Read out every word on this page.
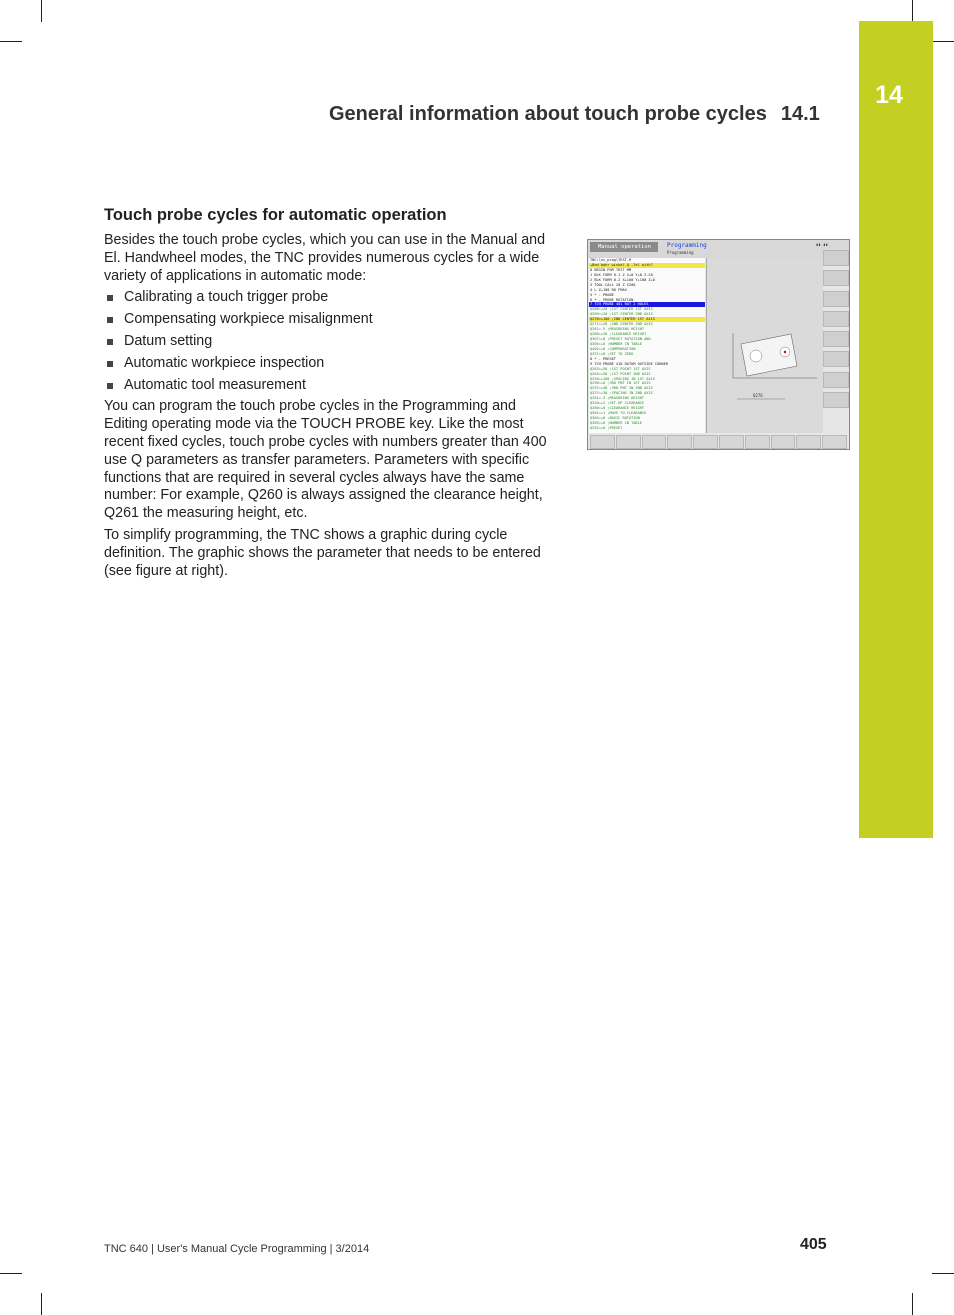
14
General information about touch probe cycles 14.1
Touch probe cycles for automatic operation

Besides the touch probe cycles, which you can use in the Manual and El. Handwheel modes, the TNC provides numerous cycles for a wide variety of applications in automatic mode:

Calibrating a touch trigger probe
Compensating workpiece misalignment
Datum setting
Automatic workpiece inspection
Automatic tool measurement

You can program the touch probe cycles in the Programming and Editing operating mode via the TOUCH PROBE key. Like the most recent fixed cycles, touch probe cycles with numbers greater than 400 use Q parameters as transfer parameters. Parameters with specific functions that are required in several cycles always have the same number: For example, Q260 is always assigned the clearance height, Q261 the measuring height, etc.

To simplify programming, the TNC shows a graphic during cycle definition. The graphic shows the parameter that needs to be entered (see figure at right).

Manual operation	Programming
Programming
TNC:\nc_prog\TEST.H
→Bed bohr winkel Q..?el with?
0 BEGIN PGM TEST MM
1 BLK FORM 0.1 Z X+0 Y+0 Z-20
2 BLK FORM 0.2 X+100 Y+100 Z+0
3 TOOL CALL 20 Z S200
4 L Z+100 R0 FMAX
5 * - PROBE
6 * - PROBE ROTATION
7 TCH PROBE 401 ROT 2 HOLES
Q268=+20 ;1ST CENTER 1ST AXIS
Q269=+20 ;1ST CENTER 2ND AXIS
Q270=+100 ;2ND CENTER 1ST AXIS
Q271=+20 ;2ND CENTER 2ND AXIS
Q261=-5 ;MEASURING HEIGHT
Q260=+20 ;CLEARANCE HEIGHT
Q307=+0 ;PRESET ROTATION ANG.
Q305=+0 ;NUMBER IN TABLE
Q402=+0 ;COMPENSATION
Q337=+0 ;SET TO ZERO
8 * - PRESET
9 TCH PROBE 410 DATUM OUTSIDE CORNER
Q263=+50 ;1ST POINT 1ST AXIS
Q264=+50 ;1ST POINT 2ND AXIS
Q326=+100 ;SPACING IN 1ST AXIS
Q296=+0 ;3RD PNT IN 1ST AXIS
Q297=+40 ;3RD PNT IN 2ND AXIS
Q327=+30 ;SPACING IN 2ND AXIS
Q261=-3 ;MEASURING HEIGHT
Q320=+2 ;SET-UP CLEARANCE
Q260=+0 ;CLEARANCE HEIGHT
Q301=+1 ;MOVE TO CLEARANCE
Q304=+0 ;BASIC ROTATION
Q305=+0 ;NUMBER IN TABLE
Q331=+0 ;PRESET
Q276
▮▮ ▮▮
TNC 640 | User's Manual Cycle Programming | 3/2014	405
